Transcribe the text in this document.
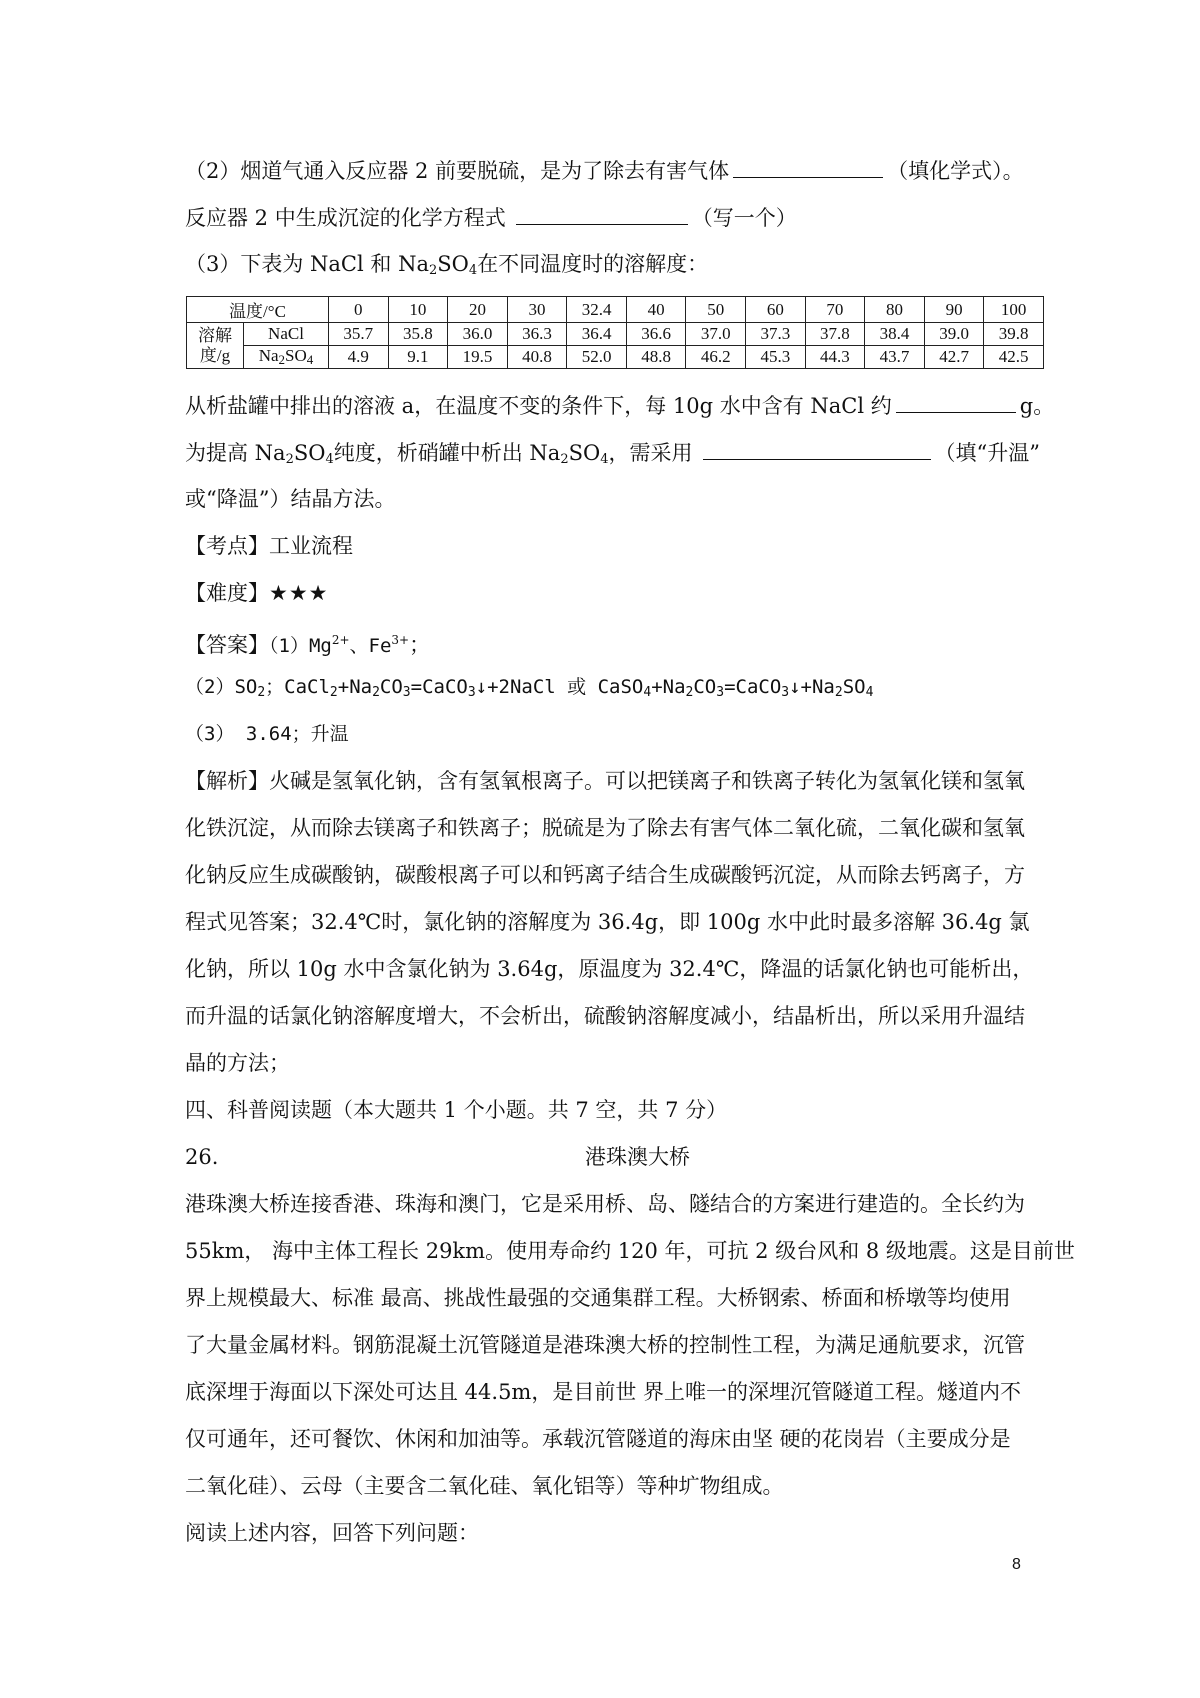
（2）烟道气通入反应器 2 前要脱硫，是为了除去有害气体	（填化学式）。
反应器 2 中生成沉淀的化学方程式	（写一个）
（3）下表为 NaCl 和 $Na_2SO_4$在不同温度时的溶解度：
温度/°C		0	10	20	30	32.4	40	50	60	70	80	90	100
溶解
度/g	NaCl	35.7	35.8	36.0	36.3	36.4	36.6	37.0	37.3	37.8	38.4	39.0	39.8
	$Na_2SO_4$	4.9	9.1	19.5	40.8	52.0	48.8	46.2	45.3	44.3	43.7	42.7	42.5
从析盐罐中排出的溶液 a，在温度不变的条件下，每 10g 水中含有 NaCl 约	g。
为提高 $Na_2SO_4$纯度，析硝罐中析出 $Na_2SO_4$，需采用	（填“升温”
或“降温”）结晶方法。
【考点】工业流程
【难度】★★★
【答案】$(1)Mg^{2+}$、$Fe^{3+}$；
$(2)SO_2$；$CaCl_2+Na_2CO_3=CaCO_3↓+2NaCl$ 或 $CaSO_4+Na_2CO_3=CaCO_3↓+Na_2SO_4$
（3） 3.64；升温
【解析】火碱是氢氧化钠，含有氢氧根离子。可以把镁离子和铁离子转化为氢氧化镁和氢氧
化铁沉淀，从而除去镁离子和铁离子；脱硫是为了除去有害气体二氧化硫，二氧化碳和氢氧
化钠反应生成碳酸钠，碳酸根离子可以和钙离子结合生成碳酸钙沉淀，从而除去钙离子，方
程式见答案；32.4℃时，氯化钠的溶解度为 36.4g，即 100g 水中此时最多溶解 36.4g 氯
化钠，所以 10g 水中含氯化钠为 3.64g，原温度为 32.4℃，降温的话氯化钠也可能析出，
而升温的话氯化钠溶解度增大，不会析出，硫酸钠溶解度减小，结晶析出，所以采用升温结
晶的方法；
四、科普阅读题（本大题共 1 个小题。共 7 空，共 7 分）
26.	港珠澳大桥
港珠澳大桥连接香港、珠海和澳门，它是采用桥、岛、隧结合的方案进行建造的。全长约为
55km， 海中主体工程长 29km。使用寿命约 120 年，可抗 2 级台风和 8 级地震。这是目前世
界上规模最大、标准 最高、挑战性最强的交通集群工程。大桥钢索、桥面和桥墩等均使用
了大量金属材料。钢筋混凝土沉管隧道是港珠澳大桥的控制性工程，为满足通航要求，沉管
底深埋于海面以下深处可达且 44.5m，是目前世 界上唯一的深埋沉管隧道工程。燧道内不
仅可通年，还可餐饮、休闲和加油等。承载沉管隧道的海床由坚 硬的花岗岩（主要成分是
二氧化硅）、云母（主要含二氧化硅、氧化铝等）等种圹物组成。
阅读上述内容，回答下列问题：
8
